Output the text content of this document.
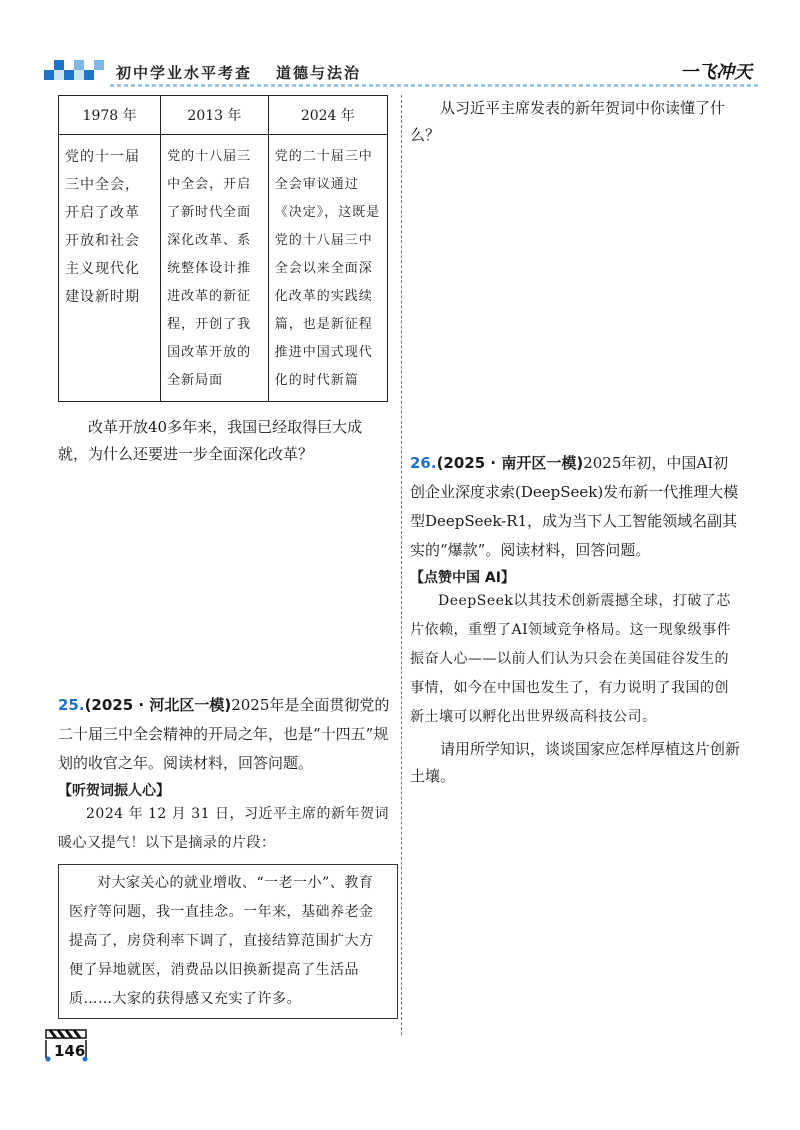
初中学业水平考查 道德与法治	一飞冲天
1978 年	2013 年	2024 年
党的十一届三中全会，开启了改革开放和社会主义现代化建设新时期	党的十八届三中全会，开启了新时代全面深化改革、系统整体设计推进改革的新征程，开创了我国改革开放的全新局面	党的二十届三中全会审议通过《决定》，这既是党的十八届三中全会以来全面深化改革的实践续篇，也是新征程推进中国式现代化的时代新篇

改革开放40多年来，我国已经取得巨大成就，为什么还要进一步全面深化改革？

25.(2025 · 河北区一模)2025年是全面贯彻党的二十届三中全会精神的开局之年，也是“十四五”规划的收官之年。阅读材料，回答问题。

【听贺词振人心】

2024 年 12 月 31 日，习近平主席的新年贺词暖心又提气！以下是摘录的片段：

对大家关心的就业增收、“一老一小”、教育医疗等问题，我一直挂念。一年来，基础养老金提高了，房贷利率下调了，直接结算范围扩大方便了异地就医，消费品以旧换新提高了生活品质……大家的获得感又充实了许多。

从习近平主席发表的新年贺词中你读懂了什么？

26.(2025 · 南开区一模)2025年初，中国AI初创企业深度求索(DeepSeek)发布新一代推理大模型DeepSeek-R1，成为当下人工智能领域名副其实的“爆款”。阅读材料，回答问题。

【点赞中国 AI】

DeepSeek以其技术创新震撼全球，打破了芯片依赖，重塑了AI领域竞争格局。这一现象级事件振奋人心——以前人们认为只会在美国硅谷发生的事情，如今在中国也发生了，有力说明了我国的创新土壤可以孵化出世界级高科技公司。

请用所学知识，谈谈国家应怎样厚植这片创新土壤。

146
